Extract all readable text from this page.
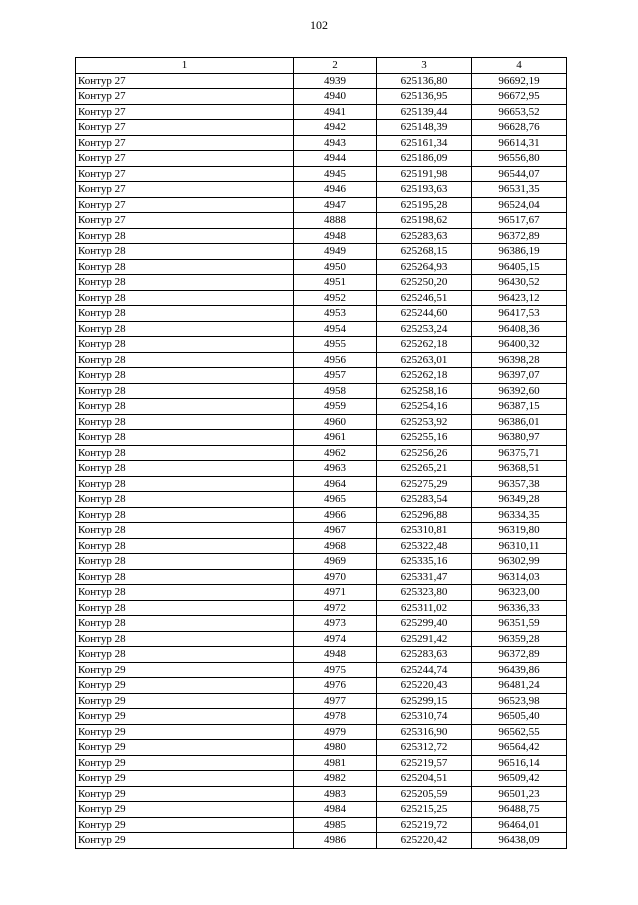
102
1	2	3	4
Контур 27	4939	625136,80	96692,19
Контур 27	4940	625136,95	96672,95
Контур 27	4941	625139,44	96653,52
Контур 27	4942	625148,39	96628,76
Контур 27	4943	625161,34	96614,31
Контур 27	4944	625186,09	96556,80
Контур 27	4945	625191,98	96544,07
Контур 27	4946	625193,63	96531,35
Контур 27	4947	625195,28	96524,04
Контур 27	4888	625198,62	96517,67
Контур 28	4948	625283,63	96372,89
Контур 28	4949	625268,15	96386,19
Контур 28	4950	625264,93	96405,15
Контур 28	4951	625250,20	96430,52
Контур 28	4952	625246,51	96423,12
Контур 28	4953	625244,60	96417,53
Контур 28	4954	625253,24	96408,36
Контур 28	4955	625262,18	96400,32
Контур 28	4956	625263,01	96398,28
Контур 28	4957	625262,18	96397,07
Контур 28	4958	625258,16	96392,60
Контур 28	4959	625254,16	96387,15
Контур 28	4960	625253,92	96386,01
Контур 28	4961	625255,16	96380,97
Контур 28	4962	625256,26	96375,71
Контур 28	4963	625265,21	96368,51
Контур 28	4964	625275,29	96357,38
Контур 28	4965	625283,54	96349,28
Контур 28	4966	625296,88	96334,35
Контур 28	4967	625310,81	96319,80
Контур 28	4968	625322,48	96310,11
Контур 28	4969	625335,16	96302,99
Контур 28	4970	625331,47	96314,03
Контур 28	4971	625323,80	96323,00
Контур 28	4972	625311,02	96336,33
Контур 28	4973	625299,40	96351,59
Контур 28	4974	625291,42	96359,28
Контур 28	4948	625283,63	96372,89
Контур 29	4975	625244,74	96439,86
Контур 29	4976	625220,43	96481,24
Контур 29	4977	625299,15	96523,98
Контур 29	4978	625310,74	96505,40
Контур 29	4979	625316,90	96562,55
Контур 29	4980	625312,72	96564,42
Контур 29	4981	625219,57	96516,14
Контур 29	4982	625204,51	96509,42
Контур 29	4983	625205,59	96501,23
Контур 29	4984	625215,25	96488,75
Контур 29	4985	625219,72	96464,01
Контур 29	4986	625220,42	96438,09
